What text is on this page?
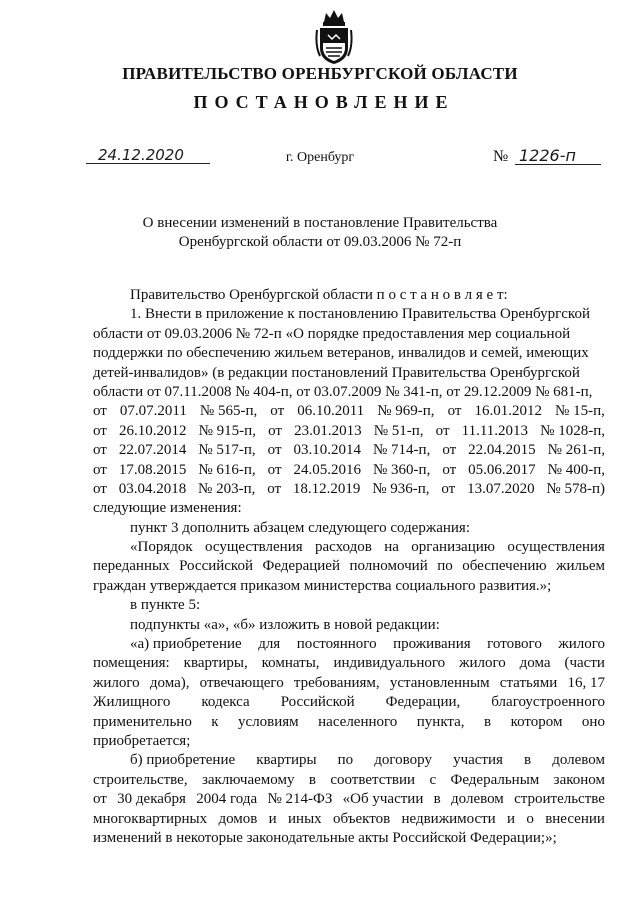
ПРАВИТЕЛЬСТВО ОРЕНБУРГСКОЙ ОБЛАСТИ
ПОСТАНОВЛЕНИЕ
24.12.2020	г. Оренбург	№ 1226-п
О внесении изменений в постановление Правительства
Оренбургской области от 09.03.2006 № 72-п
Правительство Оренбургской области п о с т а н о в л я е т:
1. Внести в приложение к постановлению Правительства Оренбургской
области от 09.03.2006 № 72-п «О порядке предоставления мер социальной
поддержки по обеспечению жильем ветеранов, инвалидов и семей, имеющих
детей-инвалидов» (в редакции постановлений Правительства Оренбургской
области от 07.11.2008 № 404-п, от 03.07.2009 № 341-п, от 29.12.2009 № 681-п,
от 07.07.2011 № 565-п, от 06.10.2011 № 969-п, от 16.01.2012 № 15-п,
от 26.10.2012 № 915-п, от 23.01.2013 № 51-п, от 11.11.2013 № 1028-п,
от 22.07.2014 № 517-п, от 03.10.2014 № 714-п, от 22.04.2015 № 261-п,
от 17.08.2015 № 616-п, от 24.05.2016 № 360-п, от 05.06.2017 № 400-п,
от 03.04.2018 № 203-п, от 18.12.2019 № 936-п, от 13.07.2020 № 578-п)
следующие изменения:
пункт 3 дополнить абзацем следующего содержания:
«Порядок осуществления расходов на организацию осуществления
переданных Российской Федерацией полномочий по обеспечению жильем
граждан утверждается приказом министерства социального развития.»;
в пункте 5:
подпункты «а», «б» изложить в новой редакции:
«а) приобретение для постоянного проживания готового жилого
помещения: квартиры, комнаты, индивидуального жилого дома (части
жилого дома), отвечающего требованиям, установленным статьями 16, 17
Жилищного кодекса Российской Федерации, благоустроенного
применительно к условиям населенного пункта, в котором оно
приобретается;
б) приобретение квартиры по договору участия в долевом
строительстве, заключаемому в соответствии с Федеральным законом
от 30 декабря 2004 года № 214-ФЗ «Об участии в долевом строительстве
многоквартирных домов и иных объектов недвижимости и о внесении
изменений в некоторые законодательные акты Российской Федерации;»;
